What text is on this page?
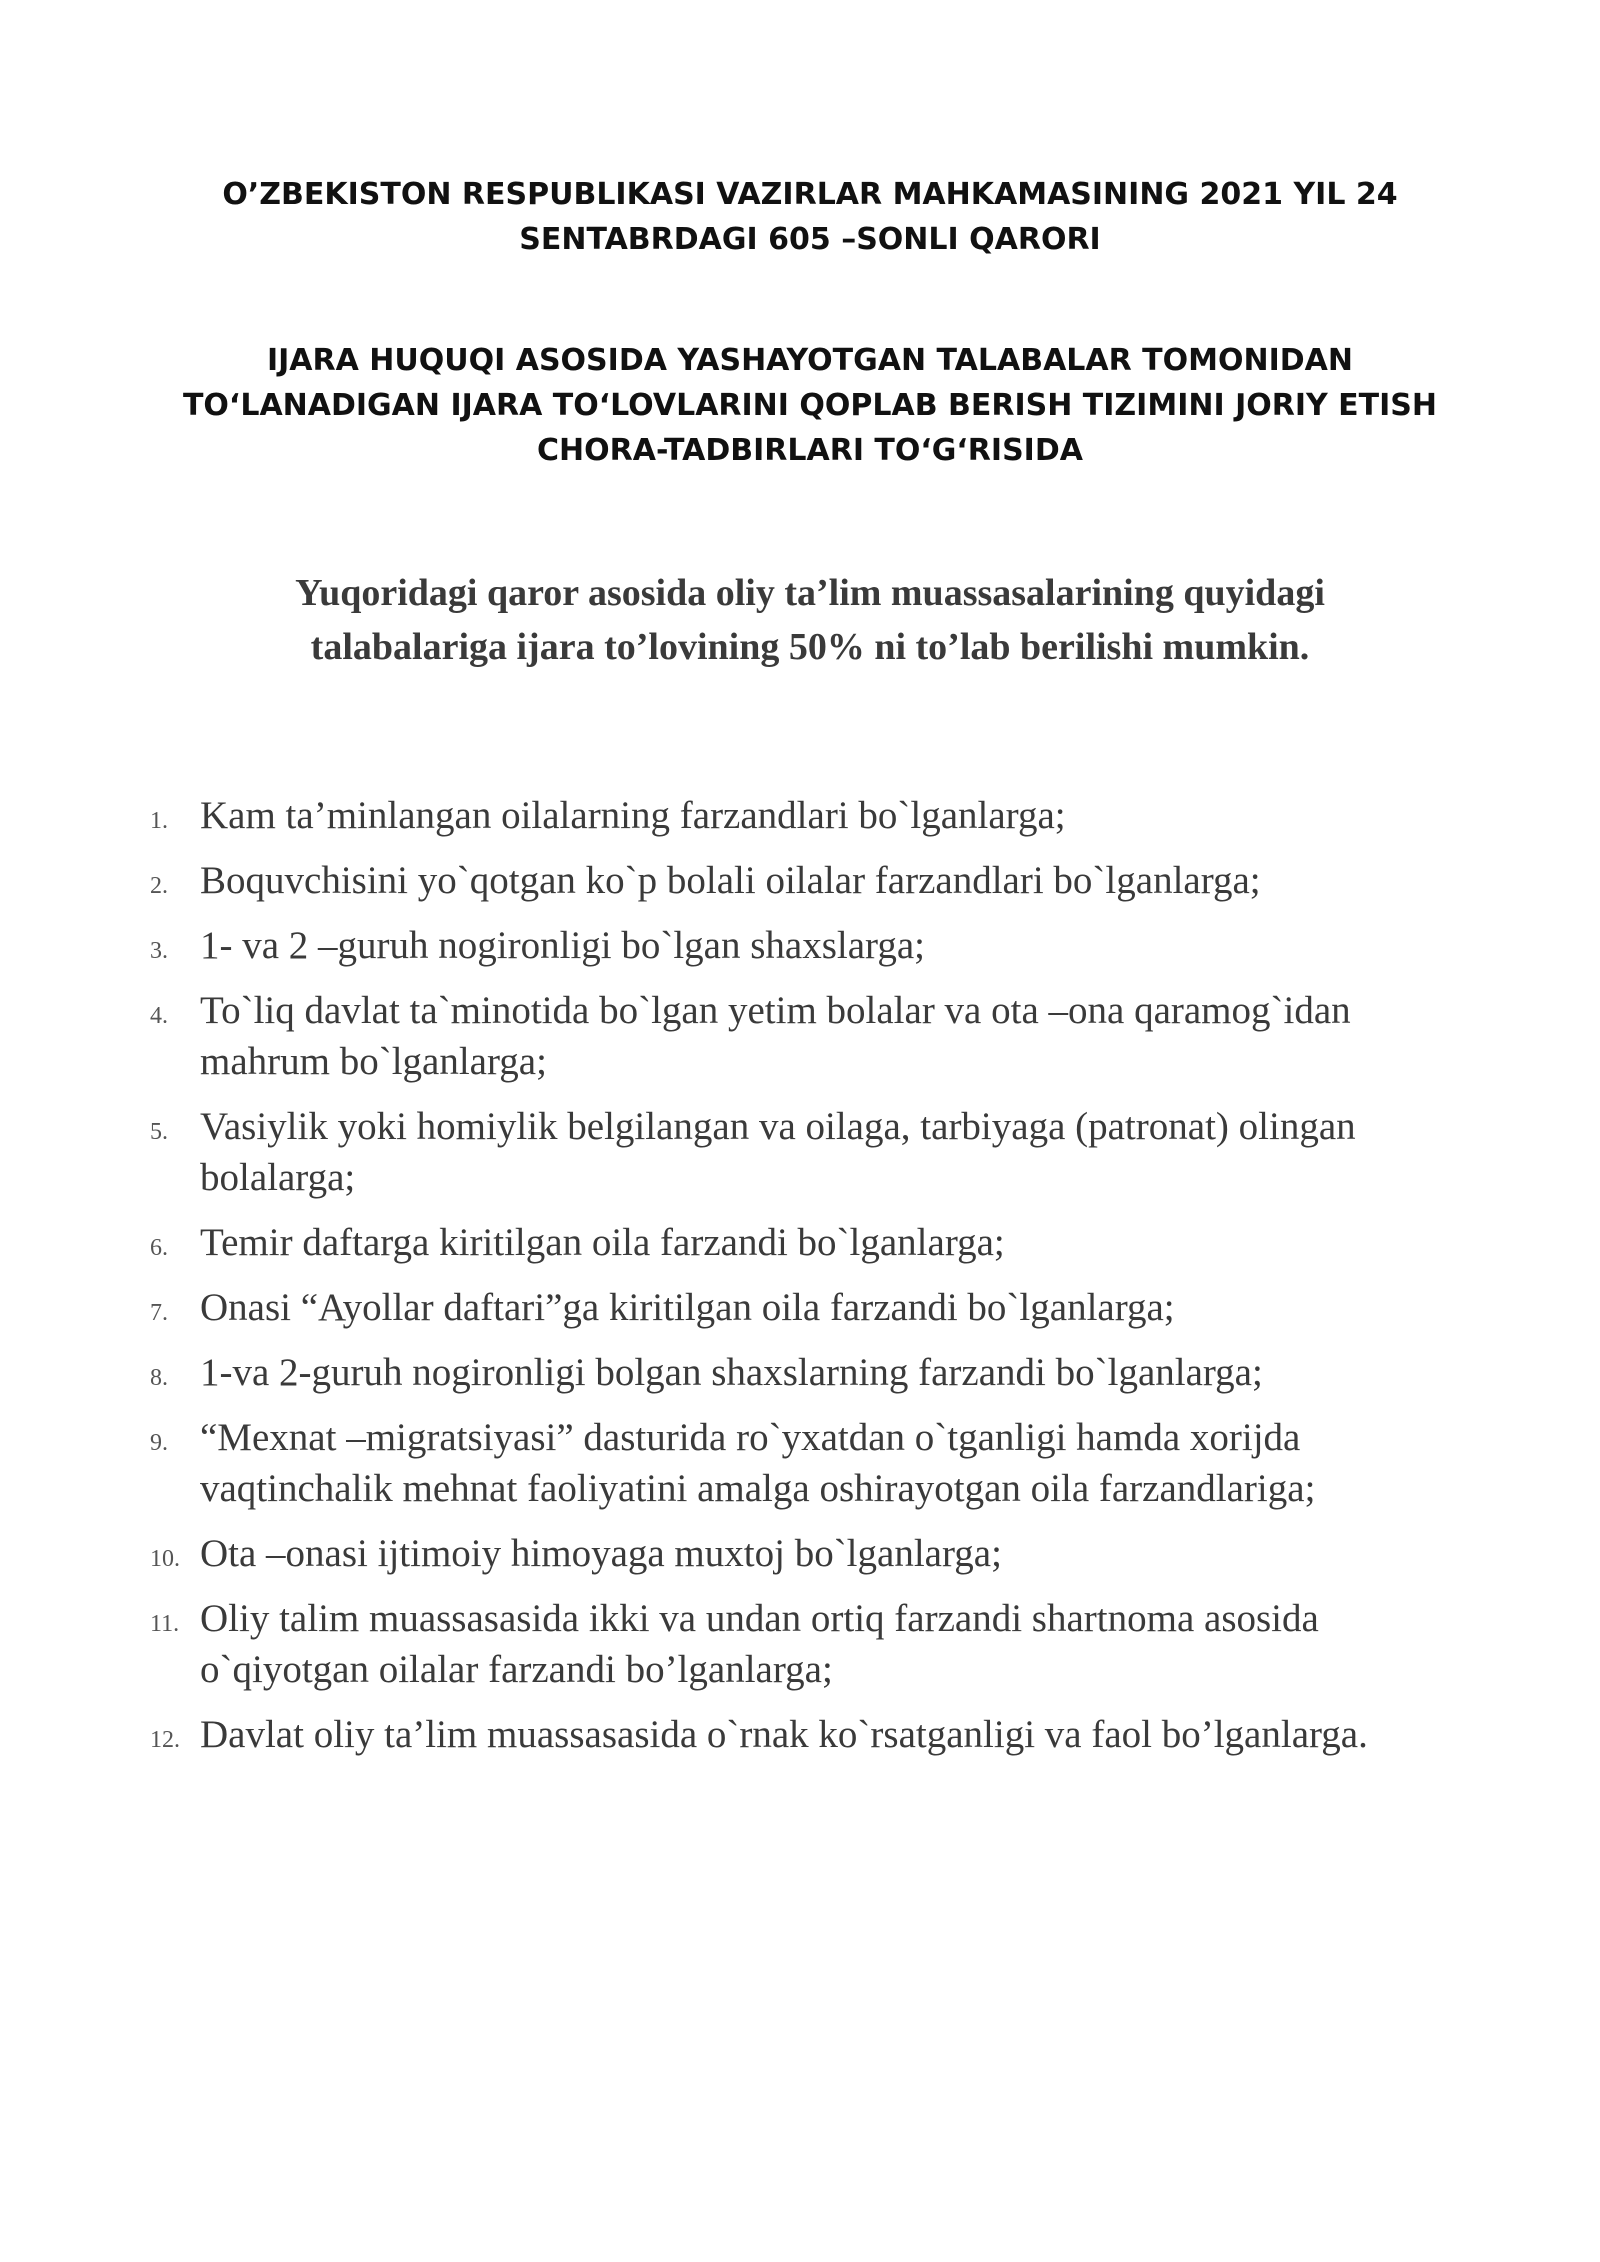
O’ZBEKISTON RESPUBLIKASI VAZIRLAR MAHKAMASINING 2021 YIL 24
SENTABRDAGI 605 –SONLI QARORI
IJARA HUQUQI ASOSIDA YASHAYOTGAN TALABALAR TOMONIDAN
TO‘LANADIGAN IJARA TO‘LOVLARINI QOPLAB BERISH TIZIMINI JORIY ETISH
CHORA-TADBIRLARI TO‘G‘RISIDA
Yuqoridagi qaror asosida oliy ta’lim muassasalarining quyidagi
talabalariga ijara to’lovining 50% ni to’lab berilishi mumkin.
1. Kam ta’minlangan oilalarning farzandlari bo`lganlarga;
2. Boquvchisini yo`qotgan ko`p bolali oilalar farzandlari bo`lganlarga;
3. 1- va 2 –guruh nogironligi bo`lgan shaxslarga;
4. To`liq davlat ta`minotida bo`lgan yetim bolalar va ota –ona qaramog`idan mahrum bo`lganlarga;
5. Vasiylik yoki homiylik belgilangan va oilaga, tarbiyaga (patronat) olingan bolalarga;
6. Temir daftarga kiritilgan oila farzandi bo`lganlarga;
7. Onasi “Ayollar daftari”ga kiritilgan oila farzandi bo`lganlarga;
8. 1-va 2-guruh nogironligi bolgan shaxslarning farzandi bo`lganlarga;
9. “Mexnat –migratsiyasi” dasturida ro`yxatdan o`tganligi hamda xorijda vaqtinchalik mehnat faoliyatini amalga oshirayotgan oila farzandlariga;
10. Ota –onasi ijtimoiy himoyaga muxtoj bo`lganlarga;
11. Oliy talim muassasasida ikki va undan ortiq farzandi shartnoma asosida o`qiyotgan oilalar farzandi bo’lganlarga;
12. Davlat oliy ta’lim muassasasida o`rnak ko`rsatganligi va faol bo’lganlarga.
